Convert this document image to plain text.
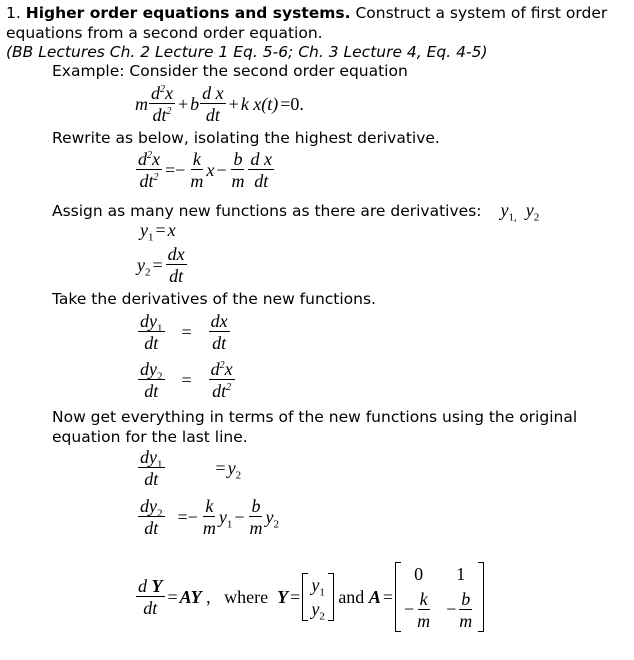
1. Higher order equations and systems. Construct a system of first order
equations from a second order equation.
(BB Lectures Ch. 2 Lecture 1 Eq. 5-6; Ch. 3 Lecture 4, Eq. 4-5)
Example: Consider the second order equation
m $\frac{d^2x}{dt^2} + b \frac{\text{d x}}{dt} + k$ x(t) =0.
Rewrite as below, isolating the highest derivative.
$\frac{d^2x}{dt^2} =- \frac{k}{m}$ $x - \frac{b}{m} \frac{\text{d x}}{dt}$
Assign as many new functions as there are derivatives: $y_{1,}$  $y_2$
$y_1 = x$
$y_2 = \frac{dx}{dt}$
Take the derivatives of the new functions.
$\frac{dy_1}{dt} = \frac{dx}{dt}$
$\frac{dy_2}{dt} = \frac{d^2x}{dt^2}$
Now get everything in terms of the new functions using the original
equation for the last line.
$\frac{dy_1}{dt}$	= $y_2$
$\frac{dy_2}{dt} =- \frac{k}{m} y_1 - \frac{b}{m} y_2$
$\frac{\text{d Y}}{dt}$ = AY , where
Y =
$y_1$
$y_2$

and
A =
0
− $\frac{k}{m}$
1
− $\frac{b}{m}$
